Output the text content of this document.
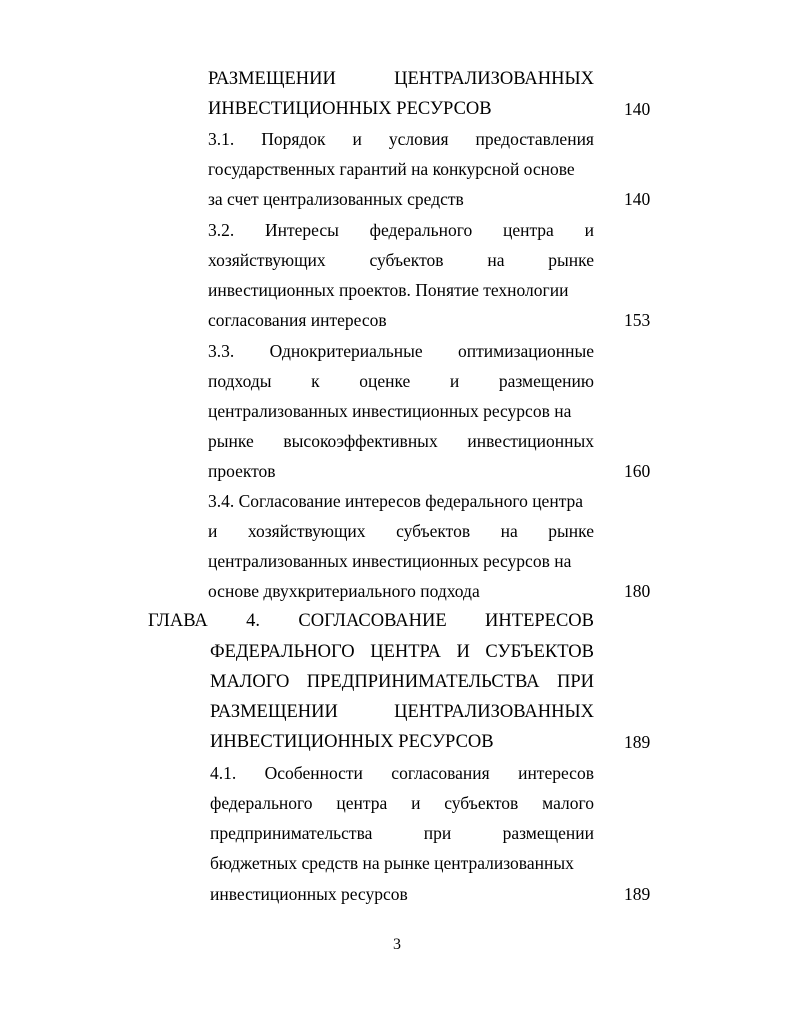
РАЗМЕЩЕНИИ	ЦЕНТРАЛИЗОВАННЫХ
ИНВЕСТИЦИОННЫХ РЕСУРСОВ	140
3.1. Порядок и условия предоставления
государственных гарантий на конкурсной основе
за счет централизованных средств	140
3.2. Интересы федерального центра и
хозяйствующих	субъектов	на	рынке
инвестиционных проектов. Понятие технологии
согласования интересов	153
3.3. Однокритериальные оптимизационные
подходы к оценке и размещению
централизованных инвестиционных ресурсов на
рынке высокоэффективных инвестиционных
проектов	160
3.4. Согласование интересов федерального центра
и хозяйствующих субъектов на рынке
централизованных инвестиционных ресурсов на
основе двухкритериального подхода	180
ГЛАВА 4. СОГЛАСОВАНИЕ ИНТЕРЕСОВ
ФЕДЕРАЛЬНОГО ЦЕНТРА И СУБЪЕКТОВ
МАЛОГО ПРЕДПРИНИМАТЕЛЬСТВА ПРИ
РАЗМЕЩЕНИИ	ЦЕНТРАЛИЗОВАННЫХ
ИНВЕСТИЦИОННЫХ РЕСУРСОВ	189
4.1. Особенности согласования интересов
федерального центра и субъектов малого
предпринимательства	при	размещении
бюджетных средств на рынке централизованных
инвестиционных ресурсов	189
3
